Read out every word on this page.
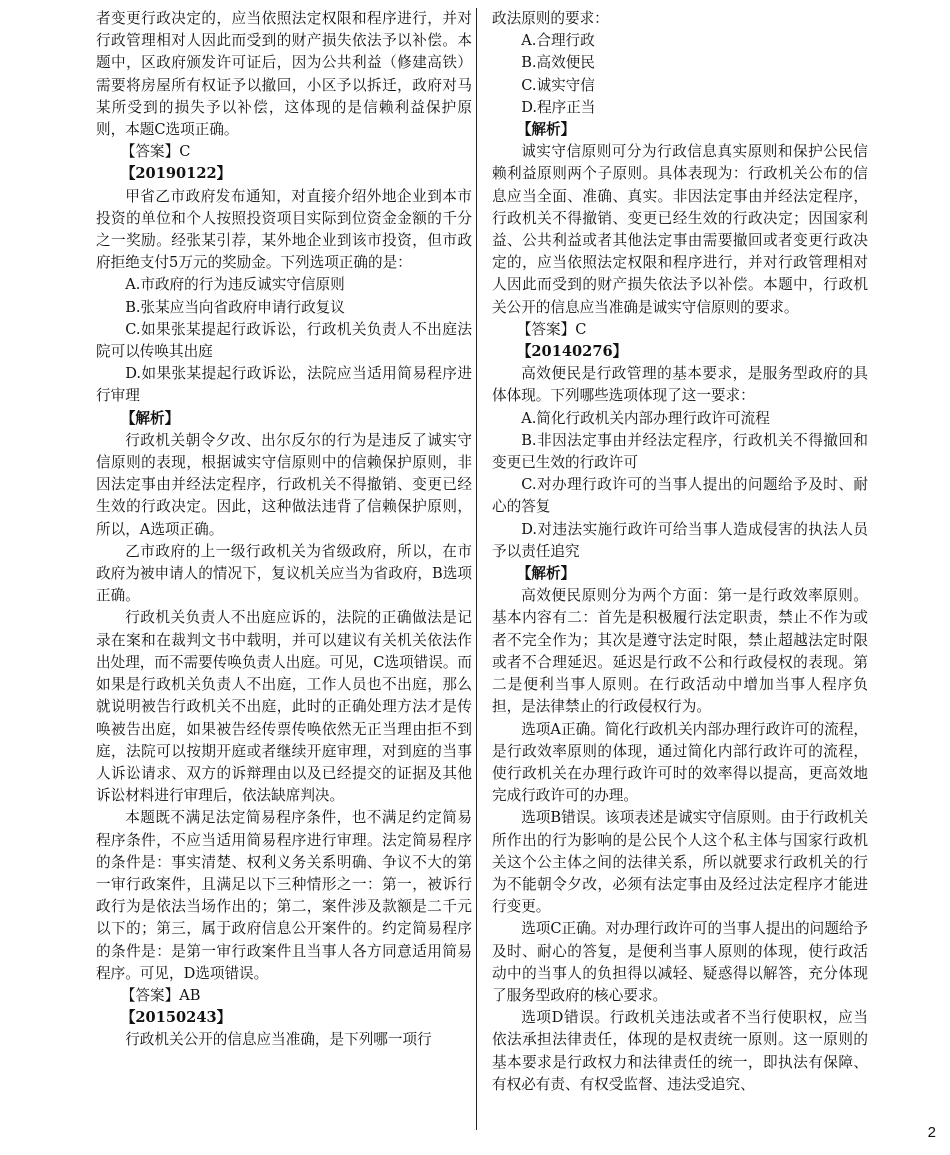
者变更行政决定的，应当依照法定权限和程序进行，并对行政管理相对人因此而受到的财产损失依法予以补偿。本题中，区政府颁发许可证后，因为公共利益（修建高铁）需要将房屋所有权证予以撤回，小区予以拆迁，政府对马某所受到的损失予以补偿，这体现的是信赖利益保护原则，本题C选项正确。

【答案】C

【20190122】

甲省乙市政府发布通知，对直接介绍外地企业到本市投资的单位和个人按照投资项目实际到位资金金额的千分之一奖励。经张某引荐，某外地企业到该市投资，但市政府拒绝支付5万元的奖励金。下列选项正确的是：

A.市政府的行为违反诚实守信原则

B.张某应当向省政府申请行政复议

C.如果张某提起行政诉讼，行政机关负责人不出庭法院可以传唤其出庭

D.如果张某提起行政诉讼，法院应当适用简易程序进行审理

【解析】

行政机关朝令夕改、出尔反尔的行为是违反了诚实守信原则的表现，根据诚实守信原则中的信赖保护原则，非因法定事由并经法定程序，行政机关不得撤销、变更已经生效的行政决定。因此，这种做法违背了信赖保护原则，所以，A选项正确。

乙市政府的上一级行政机关为省级政府，所以，在市政府为被申请人的情况下，复议机关应当为省政府，B选项正确。

行政机关负责人不出庭应诉的，法院的正确做法是记录在案和在裁判文书中载明，并可以建议有关机关依法作出处理，而不需要传唤负责人出庭。可见，C选项错误。而如果是行政机关负责人不出庭，工作人员也不出庭，那么就说明被告行政机关不出庭，此时的正确处理方法才是传唤被告出庭，如果被告经传票传唤依然无正当理由拒不到庭，法院可以按期开庭或者继续开庭审理，对到庭的当事人诉讼请求、双方的诉辩理由以及已经提交的证据及其他诉讼材料进行审理后，依法缺席判决。

本题既不满足法定简易程序条件，也不满足约定简易程序条件，不应当适用简易程序进行审理。法定简易程序的条件是：事实清楚、权利义务关系明确、争议不大的第一审行政案件，且满足以下三种情形之一：第一，被诉行政行为是依法当场作出的；第二，案件涉及款额是二千元以下的；第三，属于政府信息公开案件的。约定简易程序的条件是：是第一审行政案件且当事人各方同意适用简易程序。可见，D选项错误。

【答案】AB

【20150243】

行政机关公开的信息应当准确，是下列哪一项行

政法原则的要求：

A.合理行政

B.高效便民

C.诚实守信

D.程序正当

【解析】

诚实守信原则可分为行政信息真实原则和保护公民信赖利益原则两个子原则。具体表现为：行政机关公布的信息应当全面、准确、真实。非因法定事由并经法定程序，行政机关不得撤销、变更已经生效的行政决定；因国家利益、公共利益或者其他法定事由需要撤回或者变更行政决定的，应当依照法定权限和程序进行，并对行政管理相对人因此而受到的财产损失依法予以补偿。本题中，行政机关公开的信息应当准确是诚实守信原则的要求。

【答案】C

【20140276】

高效便民是行政管理的基本要求，是服务型政府的具体体现。下列哪些选项体现了这一要求：

A.简化行政机关内部办理行政许可流程

B.非因法定事由并经法定程序，行政机关不得撤回和变更已生效的行政许可

C.对办理行政许可的当事人提出的问题给予及时、耐心的答复

D.对违法实施行政许可给当事人造成侵害的执法人员予以责任追究

【解析】

高效便民原则分为两个方面：第一是行政效率原则。基本内容有二：首先是积极履行法定职责，禁止不作为或者不完全作为；其次是遵守法定时限，禁止超越法定时限或者不合理延迟。延迟是行政不公和行政侵权的表现。第二是便利当事人原则。在行政活动中增加当事人程序负担，是法律禁止的行政侵权行为。

选项A正确。简化行政机关内部办理行政许可的流程，是行政效率原则的体现，通过简化内部行政许可的流程，使行政机关在办理行政许可时的效率得以提高，更高效地完成行政许可的办理。

选项B错误。该项表述是诚实守信原则。由于行政机关所作出的行为影响的是公民个人这个私主体与国家行政机关这个公主体之间的法律关系，所以就要求行政机关的行为不能朝令夕改，必须有法定事由及经过法定程序才能进行变更。

选项C正确。对办理行政许可的当事人提出的问题给予及时、耐心的答复，是便利当事人原则的体现，使行政活动中的当事人的负担得以减轻、疑惑得以解答，充分体现了服务型政府的核心要求。

选项D错误。行政机关违法或者不当行使职权，应当依法承担法律责任，体现的是权责统一原则。这一原则的基本要求是行政权力和法律责任的统一，即执法有保障、有权必有责、有权受监督、违法受追究、

2
